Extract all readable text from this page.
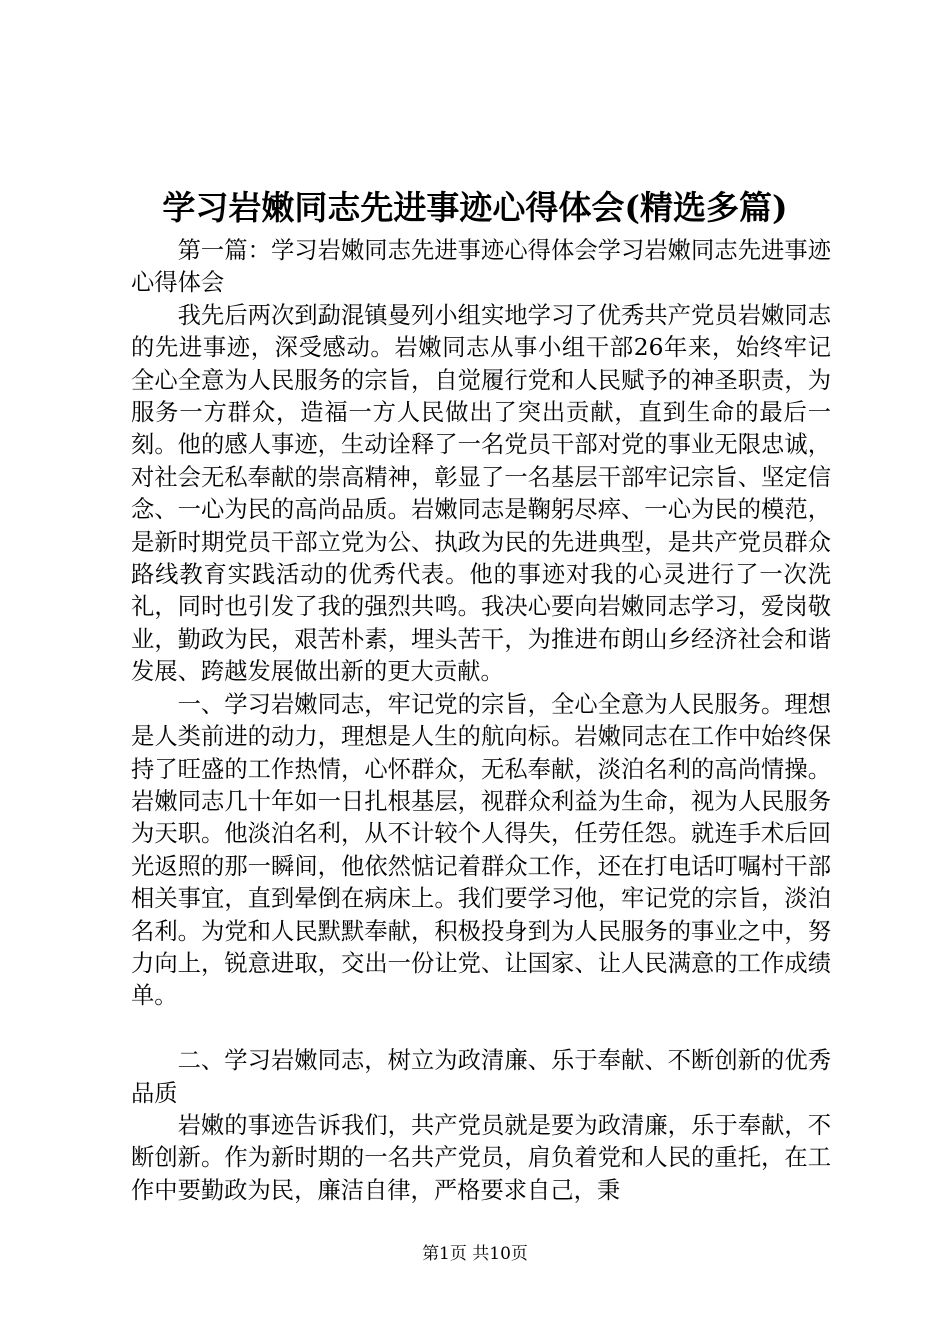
学习岩嫩同志先进事迹心得体会(精选多篇)

第一篇：学习岩嫩同志先进事迹心得体会学习岩嫩同志先进事迹心得体会

我先后两次到勐混镇曼列小组实地学习了优秀共产党员岩嫩同志的先进事迹，深受感动。岩嫩同志从事小组干部26年来，始终牢记全心全意为人民服务的宗旨，自觉履行党和人民赋予的神圣职责，为服务一方群众，造福一方人民做出了突出贡献，直到生命的最后一刻。他的感人事迹，生动诠释了一名党员干部对党的事业无限忠诚，对社会无私奉献的崇高精神，彰显了一名基层干部牢记宗旨、坚定信念、一心为民的高尚品质。岩嫩同志是鞠躬尽瘁、一心为民的模范，是新时期党员干部立党为公、执政为民的先进典型，是共产党员群众路线教育实践活动的优秀代表。他的事迹对我的心灵进行了一次洗礼，同时也引发了我的强烈共鸣。我决心要向岩嫩同志学习，爱岗敬业，勤政为民，艰苦朴素，埋头苦干，为推进布朗山乡经济社会和谐发展、跨越发展做出新的更大贡献。

一、学习岩嫩同志，牢记党的宗旨，全心全意为人民服务。理想是人类前进的动力，理想是人生的航向标。岩嫩同志在工作中始终保持了旺盛的工作热情，心怀群众，无私奉献，淡泊名利的高尚情操。岩嫩同志几十年如一日扎根基层，视群众利益为生命，视为人民服务为天职。他淡泊名利，从不计较个人得失，任劳任怨。就连手术后回光返照的那一瞬间，他依然惦记着群众工作，还在打电话叮嘱村干部相关事宜，直到晕倒在病床上。我们要学习他，牢记党的宗旨，淡泊名利。为党和人民默默奉献，积极投身到为人民服务的事业之中，努力向上，锐意进取，交出一份让党、让国家、让人民满意的工作成绩单。

二、学习岩嫩同志，树立为政清廉、乐于奉献、不断创新的优秀品质

岩嫩的事迹告诉我们，共产党员就是要为政清廉，乐于奉献，不断创新。作为新时期的一名共产党员，肩负着党和人民的重托，在工作中要勤政为民，廉洁自律，严格要求自己，秉

第1页 共10页
